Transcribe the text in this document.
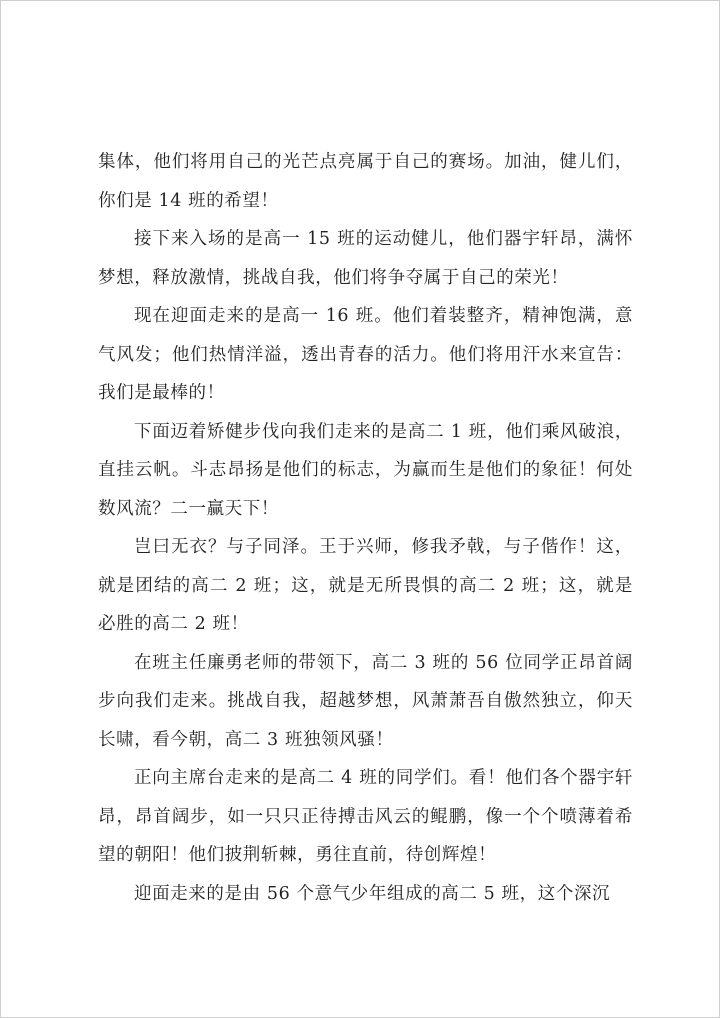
集体，他们将用自己的光芒点亮属于自己的赛场。加油，健儿们，你们是 14 班的希望！

接下来入场的是高一 15 班的运动健儿，他们器宇轩昂，满怀梦想，释放激情，挑战自我，他们将争夺属于自己的荣光！

现在迎面走来的是高一 16 班。他们着装整齐，精神饱满，意气风发；他们热情洋溢，透出青春的活力。他们将用汗水来宣告：我们是最棒的！

下面迈着矫健步伐向我们走来的是高二 1 班，他们乘风破浪，直挂云帆。斗志昂扬是他们的标志，为赢而生是他们的象征！何处数风流？二一赢天下！

岂曰无衣？与子同泽。王于兴师，修我矛戟，与子偕作！这，就是团结的高二 2 班；这，就是无所畏惧的高二 2 班；这，就是必胜的高二 2 班！

在班主任廉勇老师的带领下，高二 3 班的 56 位同学正昂首阔步向我们走来。挑战自我，超越梦想，风萧萧吾自傲然独立，仰天长啸，看今朝，高二 3 班独领风骚！

正向主席台走来的是高二 4 班的同学们。看！他们各个器宇轩昂，昂首阔步，如一只只正待搏击风云的鲲鹏，像一个个喷薄着希望的朝阳！他们披荆斩棘，勇往直前，待创辉煌！

迎面走来的是由 56 个意气少年组成的高二 5 班，这个深沉
